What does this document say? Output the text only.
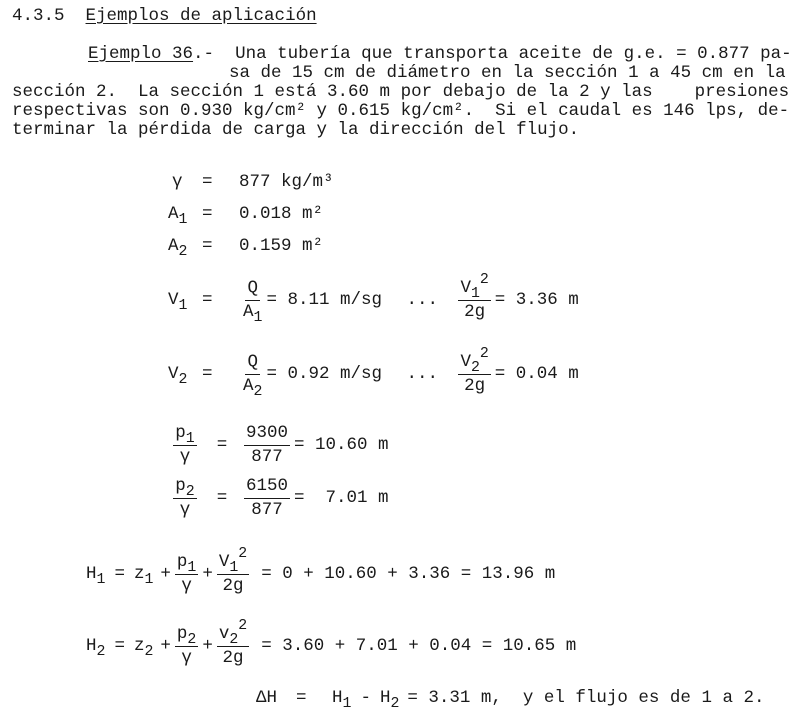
4.3.5 Ejemplos de aplicación
Ejemplo 36.- Una tubería que transporta aceite de g.e. = 0.877 pa-
sa de 15 cm de diámetro en la sección 1 a 45 cm en la
sección 2.  La sección 1 está 3.60 m por debajo de la 2 y las    presiones
respectivas son 0.930 kg/cm² y 0.615 kg/cm².  Si el caudal es 146 lps, de-
terminar la pérdida de carga y la dirección del flujo.
γ	=	877 kg/m³
$A_1$ =	0.018 m²
$A_2$ =	0.159 m²
$V_1$ =	$\frac{Q}{A_1} = 8.11$ m/sg	...	$\frac{V_1^2}{2g} = 3.36$ m
$V_2$ =	$\frac{Q}{A_2} = 0.92$ m/sg	...	$\frac{V_2^2}{2g} = 0.04$ m
$\frac{p_1}{\gamma} = \frac{9300}{877} = 10.60$ m
$\frac{p_2}{\gamma} = \frac{6150}{877} = 7.01$ m
$H_1 = z_1 + \frac{p_1}{\gamma} + \frac{V_1^2}{2g} = 0 + 10.60 + 3.36 = 13.96$ m
$H_2 = z_2 + \frac{p_2}{\gamma} + \frac{v_2^2}{2g} = 3.60 + 7.01 + 0.04 = 10.65$ m
ΔH	=	$H_1 - H_2 = 3.31$ m,  y el flujo es de 1 a 2.
